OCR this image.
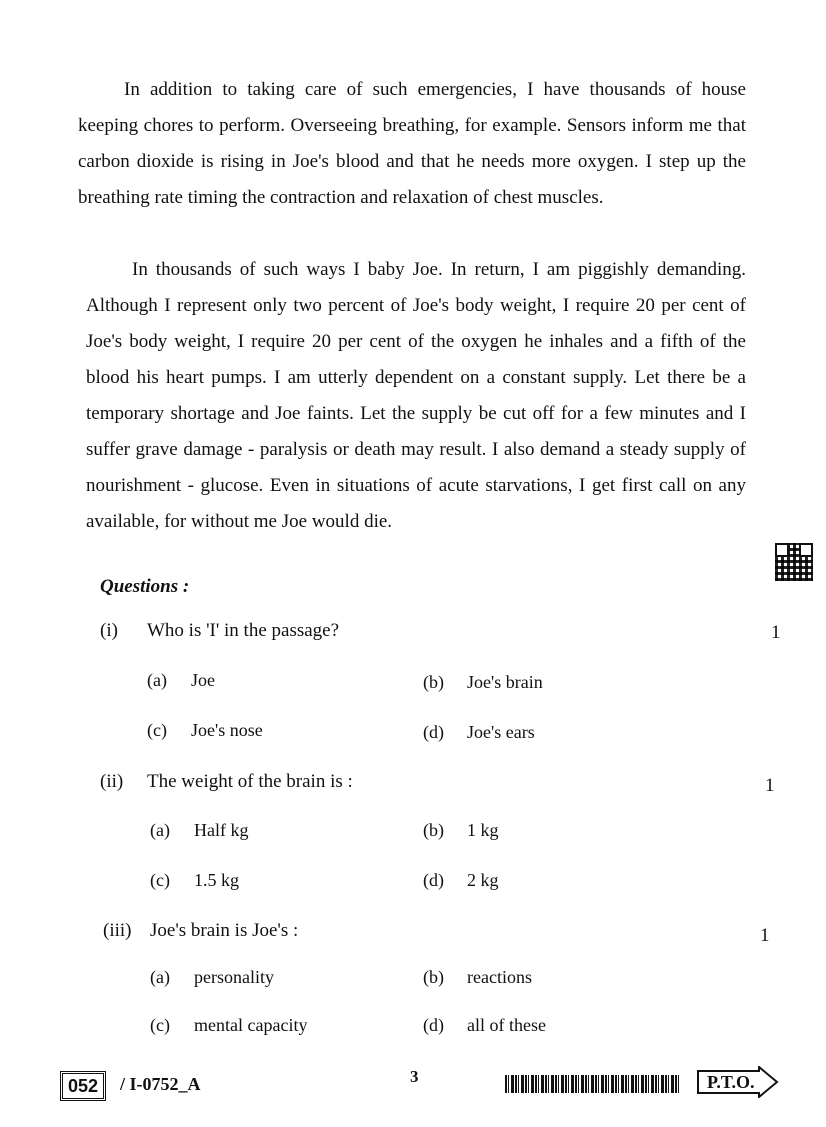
In addition to taking care of such emergencies, I have thousands of house keeping chores to perform. Overseeing breathing, for example. Sensors inform me that carbon dioxide is rising in Joe's blood and that he needs more oxygen. I step up the breathing rate timing the contraction and relaxation of chest muscles.
In thousands of such ways I baby Joe. In return, I am piggishly demanding. Although I represent only two percent of Joe's body weight, I require 20 per cent of Joe's body weight, I require 20 per cent of the oxygen he inhales and a fifth of the blood his heart pumps. I am utterly dependent on a constant supply. Let there be a temporary shortage and Joe faints. Let the supply be cut off for a few minutes and I suffer grave damage - paralysis or death may result. I also demand a steady supply of nourishment - glucose. Even in situations of acute starvations, I get first call on any available, for without me Joe would die.
Questions :
(i) Who is 'I' in the passage?	1
(a) Joe	(b) Joe's brain
(c) Joe's nose	(d) Joe's ears
(ii) The weight of the brain is :	1
(a) Half kg	(b) 1 kg
(c) 1.5 kg	(d) 2 kg
(iii) Joe's brain is Joe's :	1
(a) personality	(b) reactions
(c) mental capacity	(d) all of these
052	/ I-0752_A	3	P.T.O.
